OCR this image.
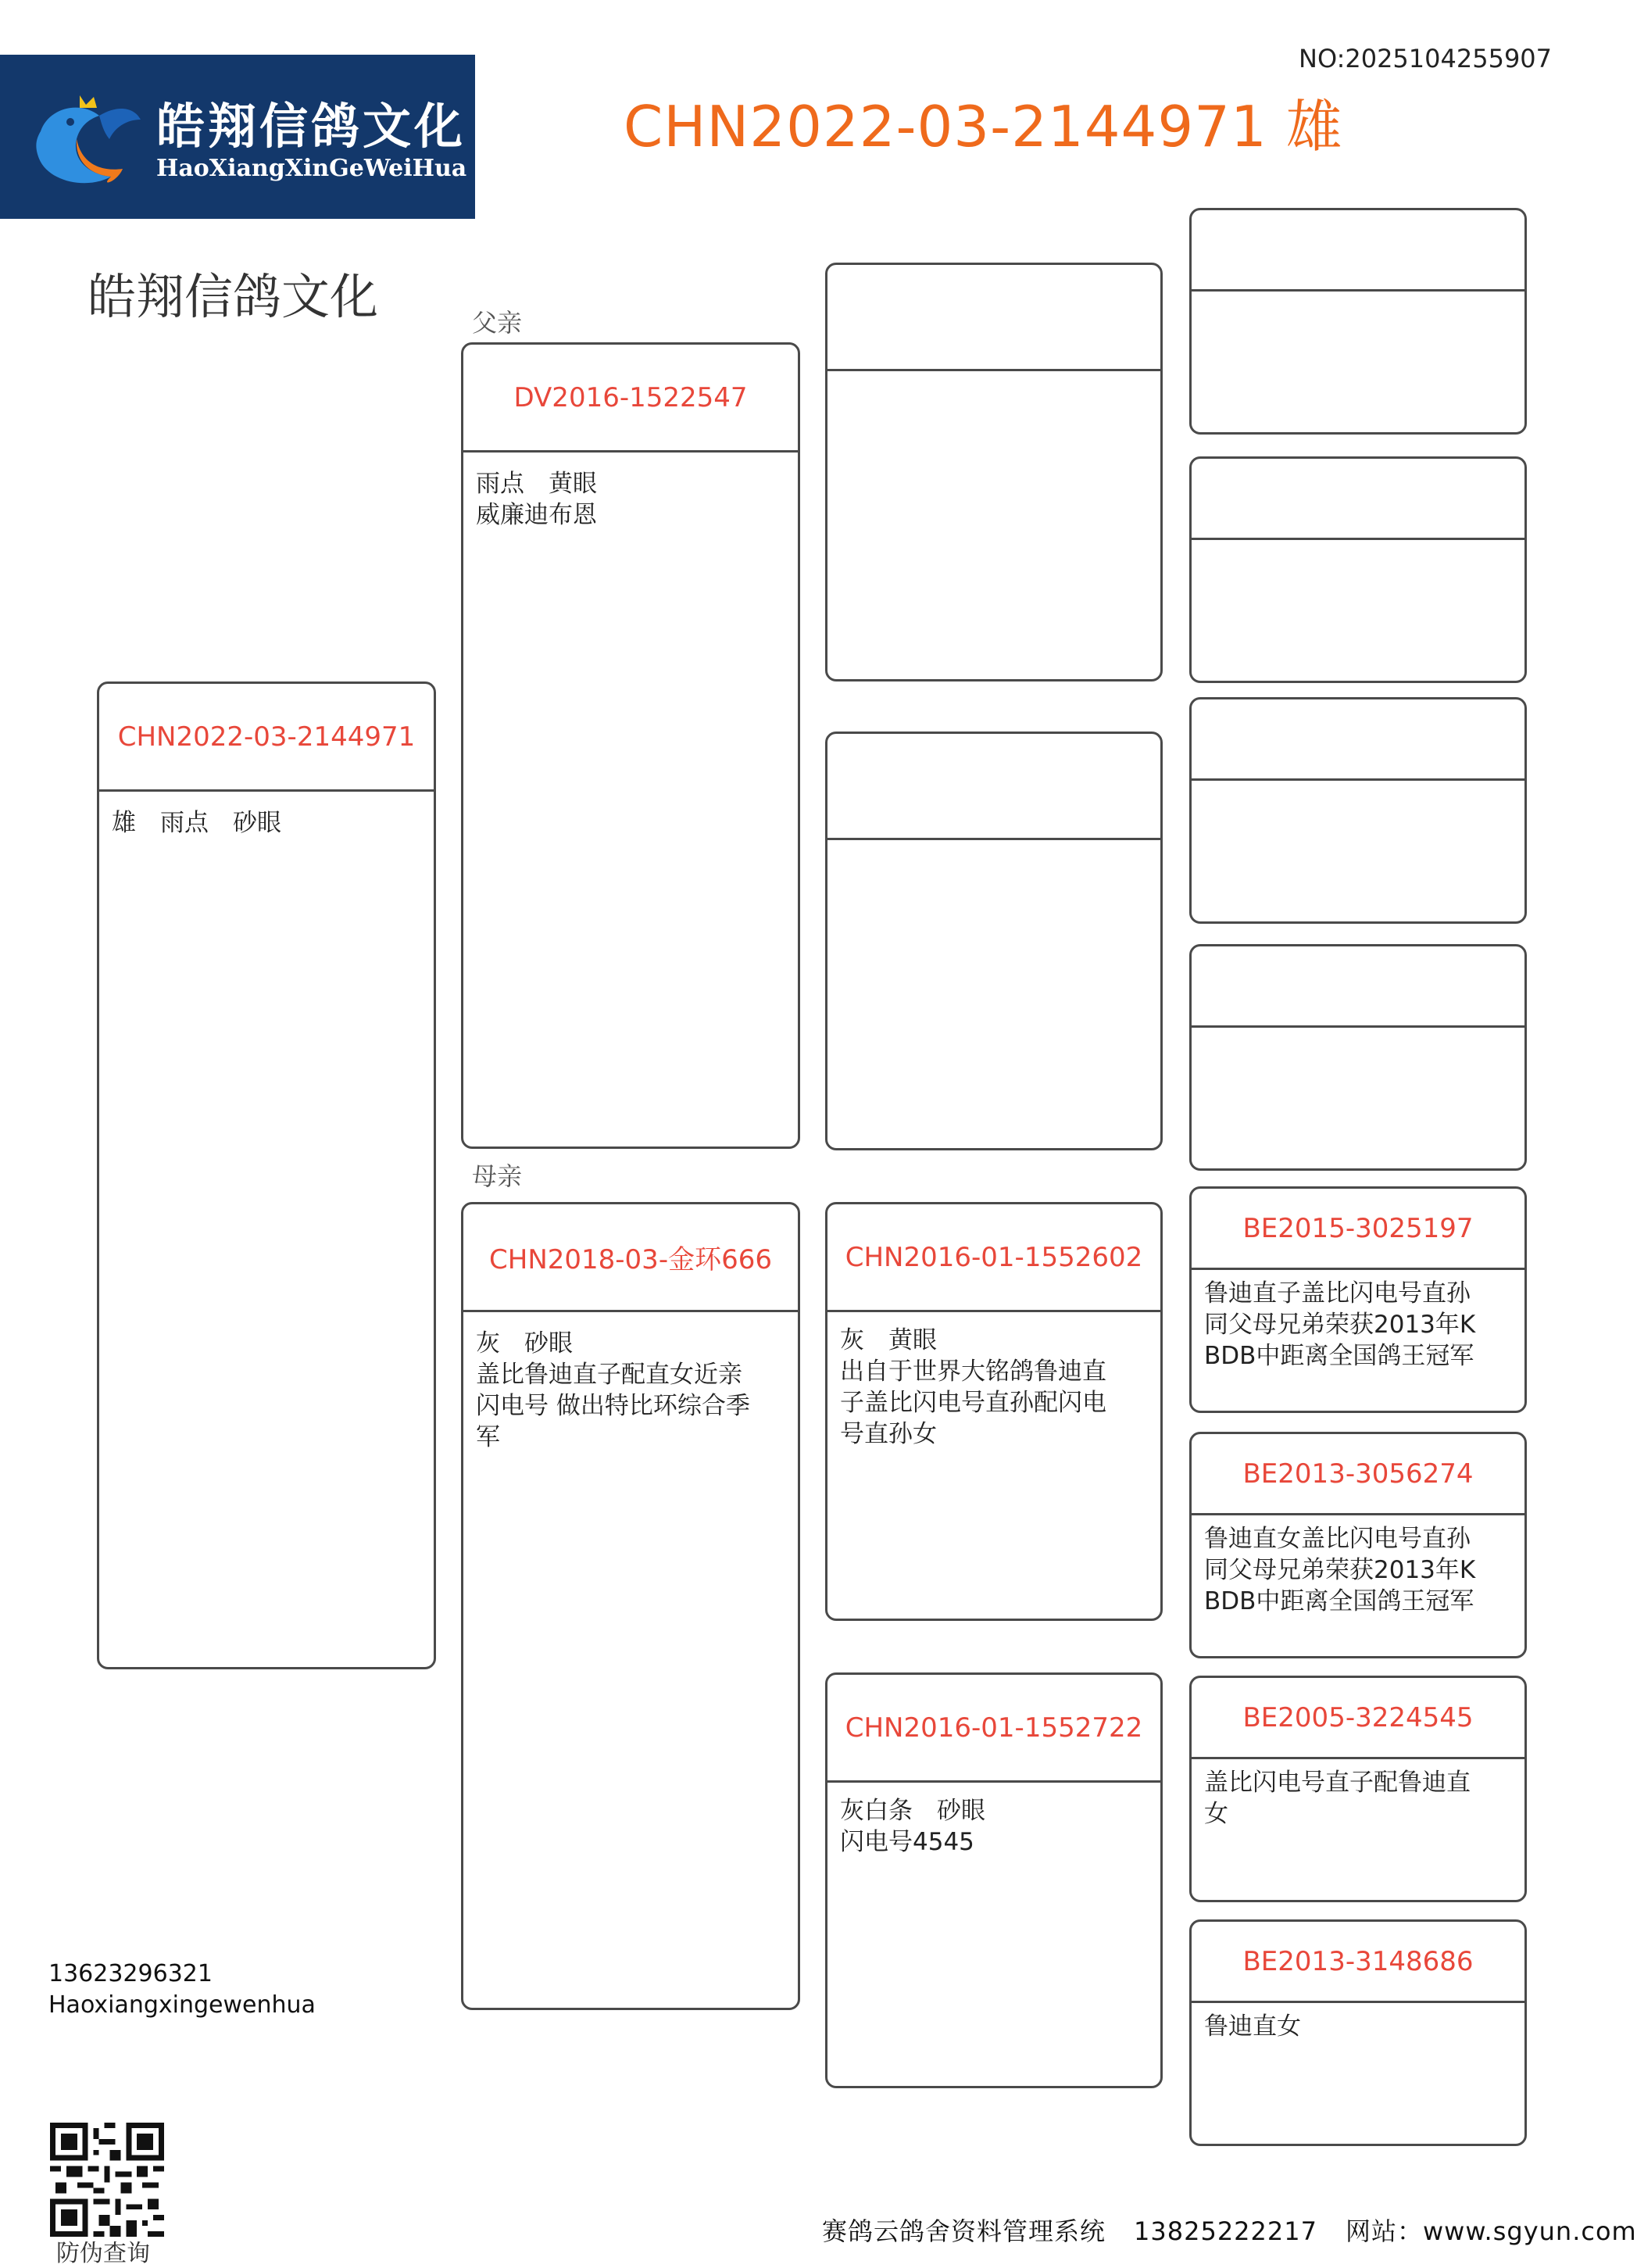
皓翔信鸽文化
HaoXiangXinGeWeiHua
NO:2025104255907
CHN2022-03-2144971 雄
皓翔信鸽文化	父亲
母亲
CHN2022-03-2144971
雄　雨点　砂眼
DV2016-1522547
雨点　黄眼
威廉迪布恩
CHN2018-03-金环666
灰　砂眼
盖比鲁迪直子配直女近亲
闪电号 做出特比环综合季
军
CHN2016-01-1552602
灰　黄眼
出自于世界大铭鸽鲁迪直
子盖比闪电号直孙配闪电
号直孙女
CHN2016-01-1552722
灰白条　砂眼
闪电号4545
BE2015-3025197
鲁迪直子盖比闪电号直孙
同父母兄弟荣获2013年K
BDB中距离全国鸽王冠军
BE2013-3056274
鲁迪直女盖比闪电号直孙
同父母兄弟荣获2013年K
BDB中距离全国鸽王冠军
BE2005-3224545
盖比闪电号直子配鲁迪直
女
BE2013-3148686
鲁迪直女
13623296321
Haoxiangxingewenhua
防伪查询
赛鸽云鸽舍资料管理系统 13825222217 网站：www.sgyun.com
